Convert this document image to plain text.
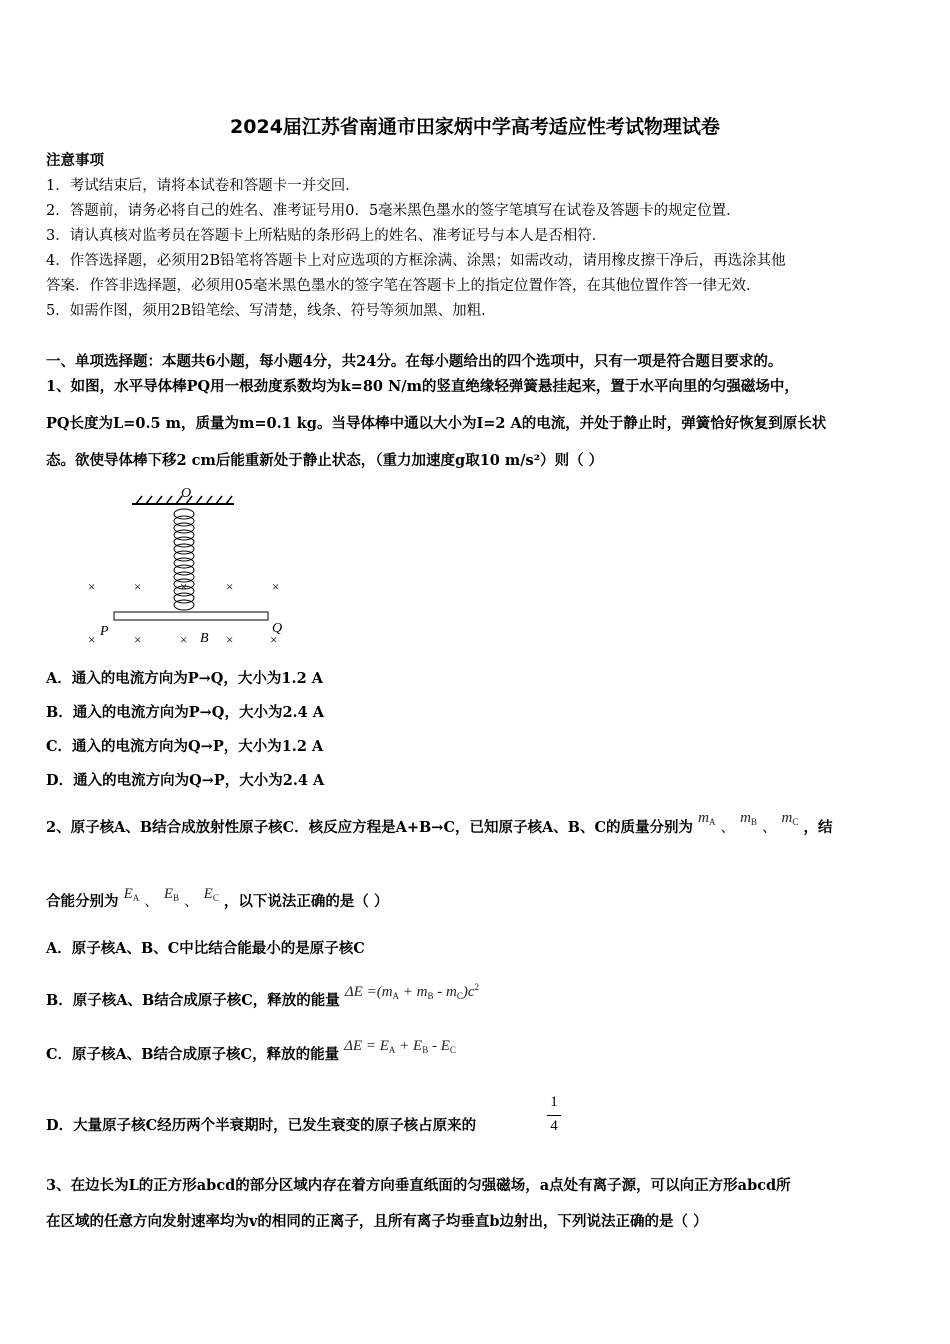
2024届江苏省南通市田家炳中学高考适应性考试物理试卷
注意事项
1．考试结束后，请将本试卷和答题卡一并交回．
2．答题前，请务必将自己的姓名、准考证号用0．5毫米黑色墨水的签字笔填写在试卷及答题卡的规定位置．
3．请认真核对监考员在答题卡上所粘贴的条形码上的姓名、准考证号与本人是否相符．
4．作答选择题，必须用2B铅笔将答题卡上对应选项的方框涂满、涂黑；如需改动，请用橡皮擦干净后，再选涂其他
答案．作答非选择题，必须用05毫米黑色墨水的签字笔在答题卡上的指定位置作答，在其他位置作答一律无效．
5．如需作图，须用2B铅笔绘、写清楚，线条、符号等须加黑、加粗．
一、单项选择题：本题共6小题，每小题4分，共24分。在每小题给出的四个选项中，只有一项是符合题目要求的。
1、如图，水平导体棒PQ用一根劲度系数均为k=80 N/m的竖直绝缘轻弹簧悬挂起来，置于水平向里的匀强磁场中，
PQ长度为L=0.5 m，质量为m=0.1 kg。当导体棒中通以大小为I=2 A的电流，并处于静止时，弹簧恰好恢复到原长状
态。欲使导体棒下移2 cm后能重新处于静止状态，（重力加速度g取10 m/s²）则（ ）
O
×	×	×	×	×
×	×	×	×	×
P	Q
B
A．通入的电流方向为P→Q，大小为1.2 A
B．通入的电流方向为P→Q，大小为2.4 A
C．通入的电流方向为Q→P，大小为1.2 A
D．通入的电流方向为Q→P，大小为2.4 A
2、原子核A、B结合成放射性原子核C．核反应方程是A+B→C，已知原子核A、B、C的质量分别为 $m_A$ 、 $m_B$ 、 $m_C$ ，结
合能分别为 $E_A$ 、 $E_B$ 、 $E_C$ ，以下说法正确的是（ ）
A．原子核A、B、C中比结合能最小的是原子核C
B．原子核A、B结合成原子核C，释放的能量 $\Delta E =(m_A + m_B - m_C)c^2$
C．原子核A、B结合成原子核C，释放的能量 $\Delta E = E_A + E_B - E_C$
D．大量原子核C经历两个半衰期时，已发生衰变的原子核占原来的
1
4
3、在边长为L的正方形abcd的部分区域内存在着方向垂直纸面的匀强磁场，a点处有离子源，可以向正方形abcd所
在区域的任意方向发射速率均为v的相同的正离子，且所有离子均垂直b边射出，下列说法正确的是（ ）
